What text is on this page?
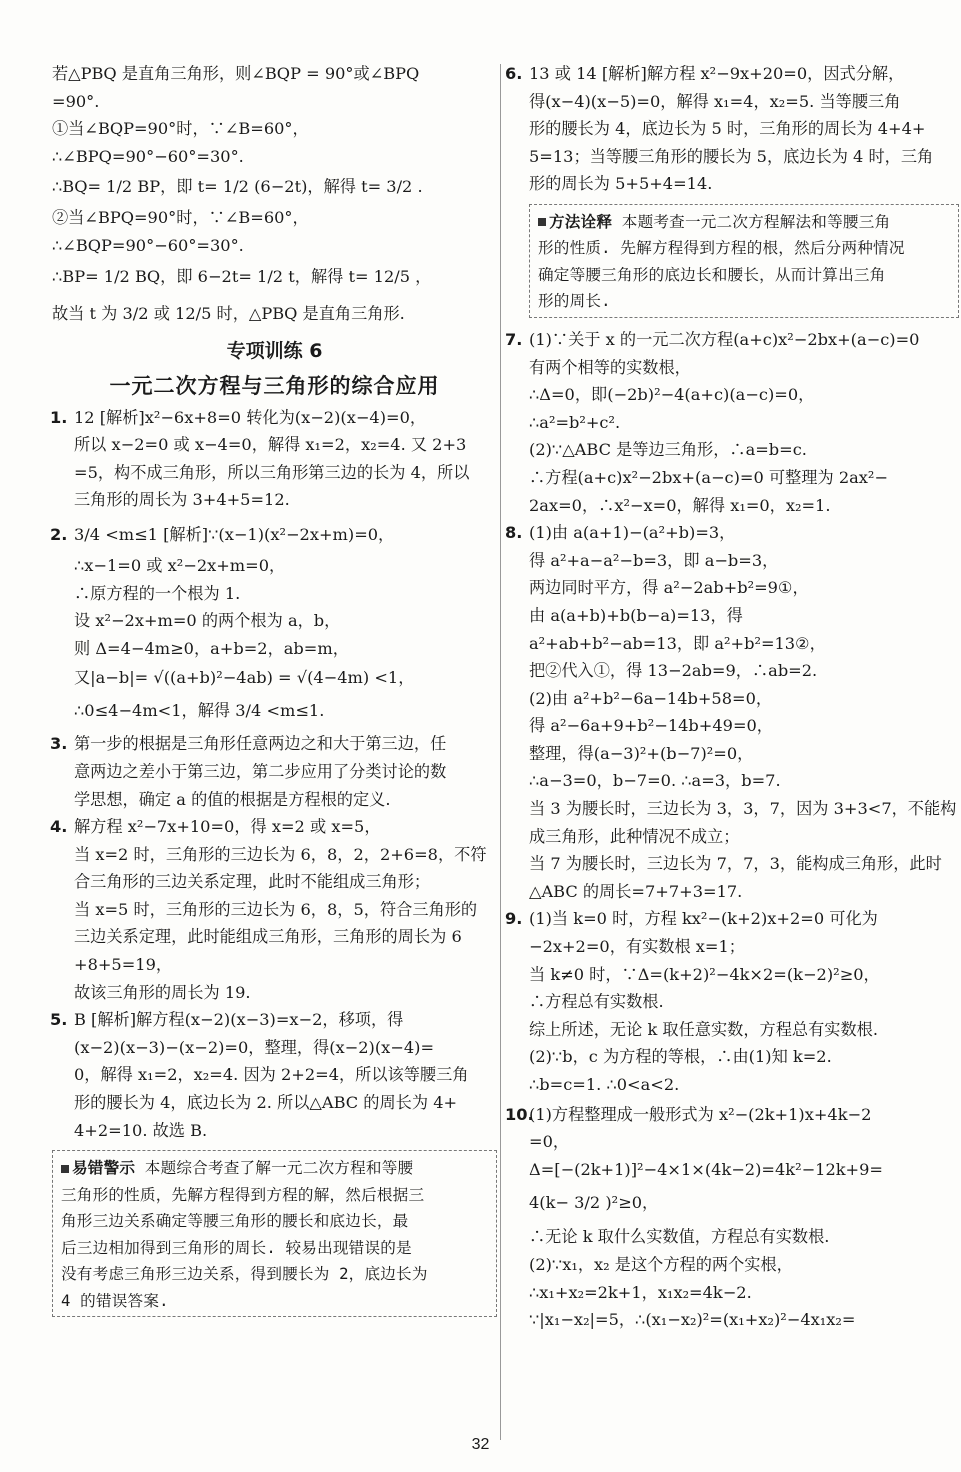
若△PBQ 是直角三角形，则∠BQP = 90°或∠BPQ
=90°.
①当∠BQP=90°时，∵∠B=60°，
∴∠BPQ=90°−60°=30°.
∴BQ= 1/2 BP，即 t= 1/2 (6−2t)，解得 t= 3/2 .
②当∠BPQ=90°时，∵∠B=60°，
∴∠BQP=90°−60°=30°.
∴BP= 1/2 BQ，即 6−2t= 1/2 t，解得 t= 12/5 ，
故当 t 为 3/2 或 12/5 时，△PBQ 是直角三角形.
专项训练 6
一元二次方程与三角形的综合应用
1. 12 [解析]x²−6x+8=0 转化为(x−2)(x−4)=0，
所以 x−2=0 或 x−4=0，解得 x₁=2，x₂=4. 又 2+3
=5，构不成三角形，所以三角形第三边的长为 4，所以
三角形的周长为 3+4+5=12.
2. 3/4 <m≤1 [解析]∵(x−1)(x²−2x+m)=0，
∴x−1=0 或 x²−2x+m=0，
∴原方程的一个根为 1.
设 x²−2x+m=0 的两个根为 a，b，
则 Δ=4−4m≥0，a+b=2，ab=m，
又|a−b|= √((a+b)²−4ab) = √(4−4m) <1，
∴0≤4−4m<1，解得 3/4 <m≤1.
3. 第一步的根据是三角形任意两边之和大于第三边，任
意两边之差小于第三边，第二步应用了分类讨论的数
学思想，确定 a 的值的根据是方程根的定义.
4. 解方程 x²−7x+10=0，得 x=2 或 x=5，
当 x=2 时，三角形的三边长为 6，8，2，2+6=8，不符
合三角形的三边关系定理，此时不能组成三角形；
当 x=5 时，三角形的三边长为 6，8，5，符合三角形的
三边关系定理，此时能组成三角形，三角形的周长为 6
+8+5=19，
故该三角形的周长为 19.
5. B [解析]解方程(x−2)(x−3)=x−2，移项，得
(x−2)(x−3)−(x−2)=0，整理，得(x−2)(x−4)=
0，解得 x₁=2，x₂=4. 因为 2+2=4，所以该等腰三角
形的腰长为 4，底边长为 2. 所以△ABC 的周长为 4+
4+2=10. 故选 B.
易错警示 本题综合考查了解一元二次方程和等腰
三角形的性质，先解方程得到方程的解，然后根据三
角形三边关系确定等腰三角形的腰长和底边长，最
后三边相加得到三角形的周长. 较易出现错误的是
没有考虑三角形三边关系，得到腰长为 2，底边长为
4 的错误答案.
6. 13 或 14 [解析]解方程 x²−9x+20=0，因式分解，
得(x−4)(x−5)=0，解得 x₁=4，x₂=5. 当等腰三角
形的腰长为 4，底边长为 5 时，三角形的周长为 4+4+
5=13；当等腰三角形的腰长为 5，底边长为 4 时，三角
形的周长为 5+5+4=14.
方法诠释 本题考查一元二次方程解法和等腰三角
形的性质. 先解方程得到方程的根，然后分两种情况
确定等腰三角形的底边长和腰长，从而计算出三角
形的周长.
7. (1)∵关于 x 的一元二次方程(a+c)x²−2bx+(a−c)=0
有两个相等的实数根，
∴Δ=0，即(−2b)²−4(a+c)(a−c)=0，
∴a²=b²+c².
(2)∵△ABC 是等边三角形，∴a=b=c.
∴方程(a+c)x²−2bx+(a−c)=0 可整理为 2ax²−
2ax=0，∴x²−x=0，解得 x₁=0，x₂=1.
8. (1)由 a(a+1)−(a²+b)=3，
得 a²+a−a²−b=3，即 a−b=3，
两边同时平方，得 a²−2ab+b²=9①，
由 a(a+b)+b(b−a)=13，得
a²+ab+b²−ab=13，即 a²+b²=13②，
把②代入①，得 13−2ab=9，∴ab=2.
(2)由 a²+b²−6a−14b+58=0，
得 a²−6a+9+b²−14b+49=0，
整理，得(a−3)²+(b−7)²=0，
∴a−3=0，b−7=0. ∴a=3，b=7.
当 3 为腰长时，三边长为 3，3，7，因为 3+3<7，不能构
成三角形，此种情况不成立；
当 7 为腰长时，三边长为 7，7，3，能构成三角形，此时
△ABC 的周长=7+7+3=17.
9. (1)当 k=0 时，方程 kx²−(k+2)x+2=0 可化为
−2x+2=0，有实数根 x=1；
当 k≠0 时，∵Δ=(k+2)²−4k×2=(k−2)²≥0，
∴方程总有实数根.
综上所述，无论 k 取任意实数，方程总有实数根.
(2)∵b，c 为方程的等根，∴由(1)知 k=2.
∴b=c=1. ∴0<a<2.
10.(1)方程整理成一般形式为 x²−(2k+1)x+4k−2
=0，
Δ=[−(2k+1)]²−4×1×(4k−2)=4k²−12k+9=
4(k− 3/2 )²≥0，
∴无论 k 取什么实数值，方程总有实数根.
(2)∵x₁，x₂ 是这个方程的两个实根，
∴x₁+x₂=2k+1，x₁x₂=4k−2.
∵|x₁−x₂|=5，∴(x₁−x₂)²=(x₁+x₂)²−4x₁x₂=
32
